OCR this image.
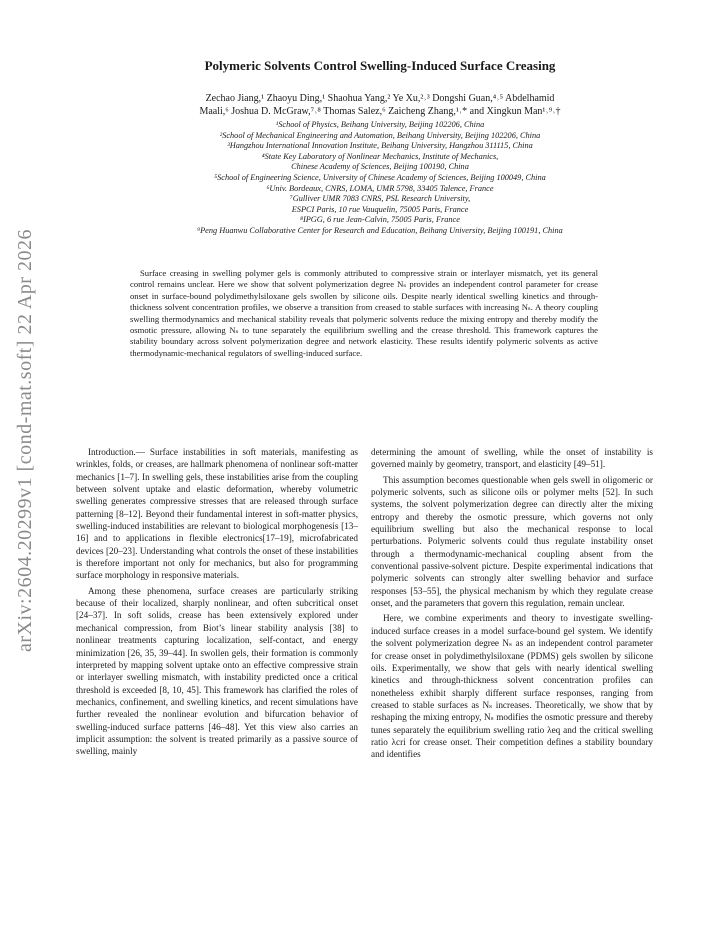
arXiv:2604.20299v1 [cond-mat.soft] 22 Apr 2026
Polymeric Solvents Control Swelling-Induced Surface Creasing
Zechao Jiang,¹ Zhaoyu Ding,¹ Shaohua Yang,² Ye Xu,²˒³ Dongshi Guan,⁴˒⁵ Abdelhamid
Maali,⁶ Joshua D. McGraw,⁷˒⁸ Thomas Salez,⁶ Zaicheng Zhang,¹˒* and Xingkun Man¹˒⁹˒†
¹School of Physics, Beihang University, Beijing 102206, China
²School of Mechanical Engineering and Automation, Beihang University, Beijing 102206, China
³Hangzhou International Innovation Institute, Beihang University, Hangzhou 311115, China
⁴State Key Laboratory of Nonlinear Mechanics, Institute of Mechanics,
Chinese Academy of Sciences, Beijing 100190, China
⁵School of Engineering Science, University of Chinese Academy of Sciences, Beijing 100049, China
⁶Univ. Bordeaux, CNRS, LOMA, UMR 5798, 33405 Talence, France
⁷Gulliver UMR 7083 CNRS, PSL Research University,
ESPCI Paris, 10 rue Vauquelin, 75005 Paris, France
⁸IPGG, 6 rue Jean-Calvin, 75005 Paris, France
⁹Peng Huanwu Collaborative Center for Research and Education, Beihang University, Beijing 100191, China
Surface creasing in swelling polymer gels is commonly attributed to compressive strain or interlayer mismatch, yet its general control remains unclear. Here we show that solvent polymerization degree Nₛ provides an independent control parameter for crease onset in surface-bound polydimethylsiloxane gels swollen by silicone oils. Despite nearly identical swelling kinetics and through-thickness solvent concentration profiles, we observe a transition from creased to stable surfaces with increasing Nₛ. A theory coupling swelling thermodynamics and mechanical stability reveals that polymeric solvents reduce the mixing entropy and thereby modify the osmotic pressure, allowing Nₛ to tune separately the equilibrium swelling and the crease threshold. This framework captures the stability boundary across solvent polymerization degree and network elasticity. These results identify polymeric solvents as active thermodynamic-mechanical regulators of swelling-induced surface.

Introduction.— Surface instabilities in soft materials, manifesting as wrinkles, folds, or creases, are hallmark phenomena of nonlinear soft-matter mechanics [1–7]. In swelling gels, these instabilities arise from the coupling between solvent uptake and elastic deformation, whereby volumetric swelling generates compressive stresses that are released through surface patterning [8–12]. Beyond their fundamental interest in soft-matter physics, swelling-induced instabilities are relevant to biological morphogenesis [13–16] and to applications in flexible electronics[17–19], microfabricated devices [20–23]. Understanding what controls the onset of these instabilities is therefore important not only for mechanics, but also for programming surface morphology in responsive materials.

Among these phenomena, surface creases are particularly striking because of their localized, sharply nonlinear, and often subcritical onset [24–37]. In soft solids, crease has been extensively explored under mechanical compression, from Biot’s linear stability analysis [38] to nonlinear treatments capturing localization, self-contact, and energy minimization [26, 35, 39–44]. In swollen gels, their formation is commonly interpreted by mapping solvent uptake onto an effective compressive strain or interlayer swelling mismatch, with instability predicted once a critical threshold is exceeded [8, 10, 45]. This framework has clarified the roles of mechanics, confinement, and swelling kinetics, and recent simulations have further revealed the nonlinear evolution and bifurcation behavior of swelling-induced surface patterns [46–48]. Yet this view also carries an implicit assumption: the solvent is treated primarily as a passive source of swelling, mainly

determining the amount of swelling, while the onset of instability is governed mainly by geometry, transport, and elasticity [49–51].

This assumption becomes questionable when gels swell in oligomeric or polymeric solvents, such as silicone oils or polymer melts [52]. In such systems, the solvent polymerization degree can directly alter the mixing entropy and thereby the osmotic pressure, which governs not only equilibrium swelling but also the mechanical response to local perturbations. Polymeric solvents could thus regulate instability onset through a thermodynamic-mechanical coupling absent from the conventional passive-solvent picture. Despite experimental indications that polymeric solvents can strongly alter swelling behavior and surface responses [53–55], the physical mechanism by which they regulate crease onset, and the parameters that govern this regulation, remain unclear.

Here, we combine experiments and theory to investigate swelling-induced surface creases in a model surface-bound gel system. We identify the solvent polymerization degree Nₛ as an independent control parameter for crease onset in polydimethylsiloxane (PDMS) gels swollen by silicone oils. Experimentally, we show that gels with nearly identical swelling kinetics and through-thickness solvent concentration profiles can nonetheless exhibit sharply different surface responses, ranging from creased to stable surfaces as Nₛ increases. Theoretically, we show that by reshaping the mixing entropy, Nₛ modifies the osmotic pressure and thereby tunes separately the equilibrium swelling ratio λeq and the critical swelling ratio λcri for crease onset. Their competition defines a stability boundary and identifies
